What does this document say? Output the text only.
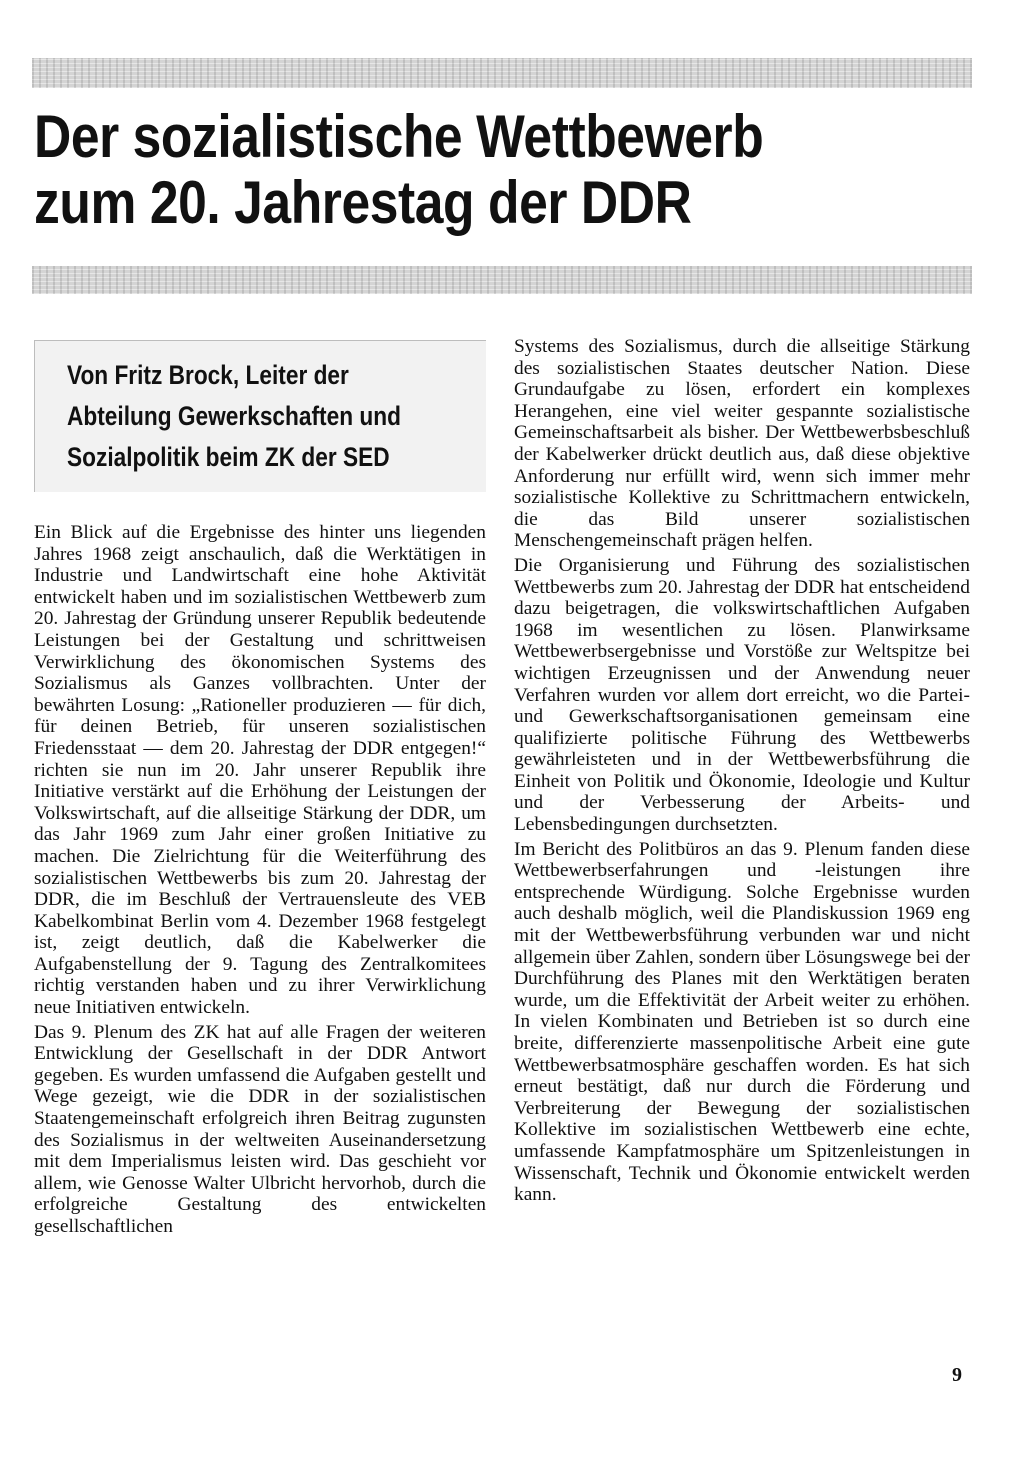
Der sozialistische Wettbewerb
zum 20. Jahrestag der DDR
Von Fritz Brock, Leiter der
Abteilung Gewerkschaften und
Sozialpolitik beim ZK der SED

Ein Blick auf die Ergebnisse des hinter uns liegenden Jahres 1968 zeigt anschaulich, daß die Werktätigen in Industrie und Landwirtschaft eine hohe Aktivität entwickelt haben und im sozialistischen Wettbewerb zum 20. Jahrestag der Gründung unserer Republik bedeutende Leistungen bei der Gestaltung und schrittweisen Verwirklichung des ökonomischen Systems des Sozialismus als Ganzes vollbrachten. Unter der bewährten Losung: „Rationeller produzieren — für dich, für deinen Betrieb, für unseren sozialistischen Friedensstaat — dem 20. Jahrestag der DDR entgegen!“ richten sie nun im 20. Jahr unserer Republik ihre Initiative verstärkt auf die Erhöhung der Leistungen der Volkswirtschaft, auf die allseitige Stärkung der DDR, um das Jahr 1969 zum Jahr einer großen Initiative zu machen. Die Zielrichtung für die Weiterführung des sozialistischen Wettbewerbs bis zum 20. Jahrestag der DDR, die im Beschluß der Vertrauensleute des VEB Kabelkombinat Berlin vom 4. Dezember 1968 festgelegt ist, zeigt deutlich, daß die Kabelwerker die Aufgabenstellung der 9. Tagung des Zentralkomitees richtig verstanden haben und zu ihrer Verwirklichung neue Initiativen entwickeln.

Das 9. Plenum des ZK hat auf alle Fragen der weiteren Entwicklung der Gesellschaft in der DDR Antwort gegeben. Es wurden umfassend die Aufgaben gestellt und Wege gezeigt, wie die DDR in der sozialistischen Staatengemeinschaft erfolgreich ihren Beitrag zugunsten des Sozialismus in der weltweiten Auseinandersetzung mit dem Imperialismus leisten wird. Das geschieht vor allem, wie Genosse Walter Ulbricht hervorhob, durch die erfolgreiche Gestaltung des entwickelten gesellschaftlichen

Systems des Sozialismus, durch die allseitige Stärkung des sozialistischen Staates deutscher Nation. Diese Grundaufgabe zu lösen, erfordert ein komplexes Herangehen, eine viel weiter gespannte sozialistische Gemeinschaftsarbeit als bisher. Der Wettbewerbsbeschluß der Kabelwerker drückt deutlich aus, daß diese objektive Anforderung nur erfüllt wird, wenn sich immer mehr sozialistische Kollektive zu Schrittmachern entwickeln, die das Bild unserer sozialistischen Menschengemeinschaft prägen helfen.

Die Organisierung und Führung des sozialistischen Wettbewerbs zum 20. Jahrestag der DDR hat entscheidend dazu beigetragen, die volkswirtschaftlichen Aufgaben 1968 im wesentlichen zu lösen. Planwirksame Wettbewerbsergebnisse und Vorstöße zur Weltspitze bei wichtigen Erzeugnissen und der Anwendung neuer Verfahren wurden vor allem dort erreicht, wo die Partei- und Gewerkschaftsorganisationen gemeinsam eine qualifizierte politische Führung des Wettbewerbs gewährleisteten und in der Wettbewerbsführung die Einheit von Politik und Ökonomie, Ideologie und Kultur und der Verbesserung der Arbeits- und Lebensbedingungen durchsetzten.

Im Bericht des Politbüros an das 9. Plenum fanden diese Wettbewerbserfahrungen und -leistungen ihre entsprechende Würdigung. Solche Ergebnisse wurden auch deshalb möglich, weil die Plandiskussion 1969 eng mit der Wettbewerbsführung verbunden war und nicht allgemein über Zahlen, sondern über Lösungswege bei der Durchführung des Planes mit den Werktätigen beraten wurde, um die Effektivität der Arbeit weiter zu erhöhen. In vielen Kombinaten und Betrieben ist so durch eine breite, differenzierte massenpolitische Arbeit eine gute Wettbewerbsatmosphäre geschaffen worden. Es hat sich erneut bestätigt, daß nur durch die Förderung und Verbreiterung der Bewegung der sozialistischen Kollektive im sozialistischen Wettbewerb eine echte, umfassende Kampfatmosphäre um Spitzenleistungen in Wissenschaft, Technik und Ökonomie entwickelt werden kann.

9
